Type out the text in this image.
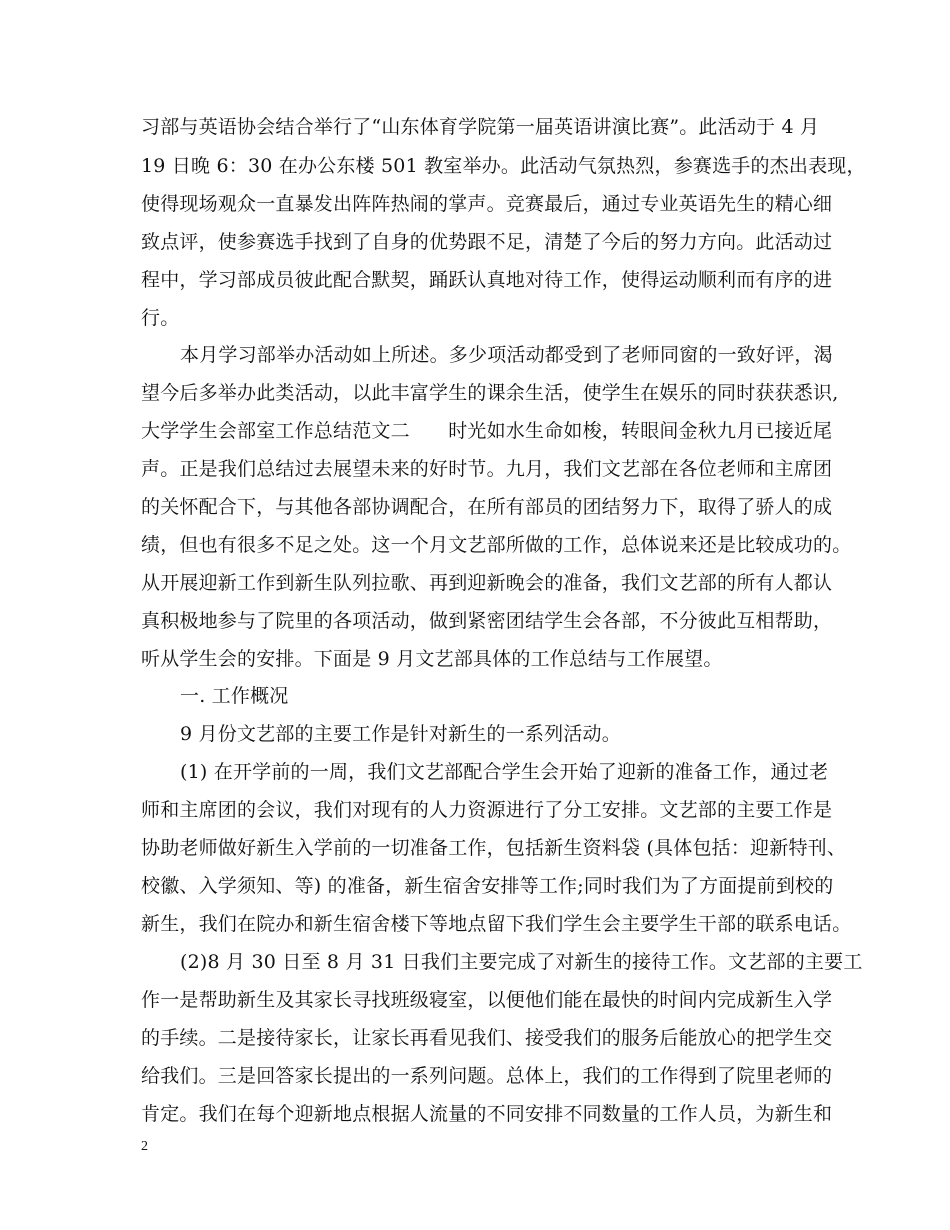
习部与英语协会结合举行了“山东体育学院第一届英语讲演比赛”。此活动于 4 月
19 日晚 6：30 在办公东楼 501 教室举办。此活动气氛热烈，参赛选手的杰出表现，
使得现场观众一直暴发出阵阵热闹的掌声。竞赛最后，通过专业英语先生的精心细
致点评，使参赛选手找到了自身的优势跟不足，清楚了今后的努力方向。此活动过
程中，学习部成员彼此配合默契，踊跃认真地对待工作，使得运动顺利而有序的进
行。
本月学习部举办活动如上所述。多少项活动都受到了老师同窗的一致好评，渴
望今后多举办此类活动，以此丰富学生的课余生活，使学生在娱乐的同时获获悉识,
大学学生会部室工作总结范文二　　时光如水生命如梭，转眼间金秋九月已接近尾
声。正是我们总结过去展望未来的好时节。九月，我们文艺部在各位老师和主席团
的关怀配合下，与其他各部协调配合，在所有部员的团结努力下，取得了骄人的成
绩，但也有很多不足之处。这一个月文艺部所做的工作，总体说来还是比较成功的。
从开展迎新工作到新生队列拉歌、再到迎新晚会的准备，我们文艺部的所有人都认
真积极地参与了院里的各项活动，做到紧密团结学生会各部，不分彼此互相帮助，
听从学生会的安排。下面是 9 月文艺部具体的工作总结与工作展望。
一. 工作概况
9 月份文艺部的主要工作是针对新生的一系列活动。
(1) 在开学前的一周，我们文艺部配合学生会开始了迎新的准备工作，通过老
师和主席团的会议，我们对现有的人力资源进行了分工安排。文艺部的主要工作是
协助老师做好新生入学前的一切准备工作，包括新生资料袋 (具体包括：迎新特刊、
校徽、入学须知、等) 的准备，新生宿舍安排等工作;同时我们为了方面提前到校的
新生，我们在院办和新生宿舍楼下等地点留下我们学生会主要学生干部的联系电话。
(2)8 月 30 日至 8 月 31 日我们主要完成了对新生的接待工作。文艺部的主要工
作一是帮助新生及其家长寻找班级寝室，以便他们能在最快的时间内完成新生入学
的手续。二是接待家长，让家长再看见我们、接受我们的服务后能放心的把学生交
给我们。三是回答家长提出的一系列问题。总体上，我们的工作得到了院里老师的
肯定。我们在每个迎新地点根据人流量的不同安排不同数量的工作人员，为新生和
2
